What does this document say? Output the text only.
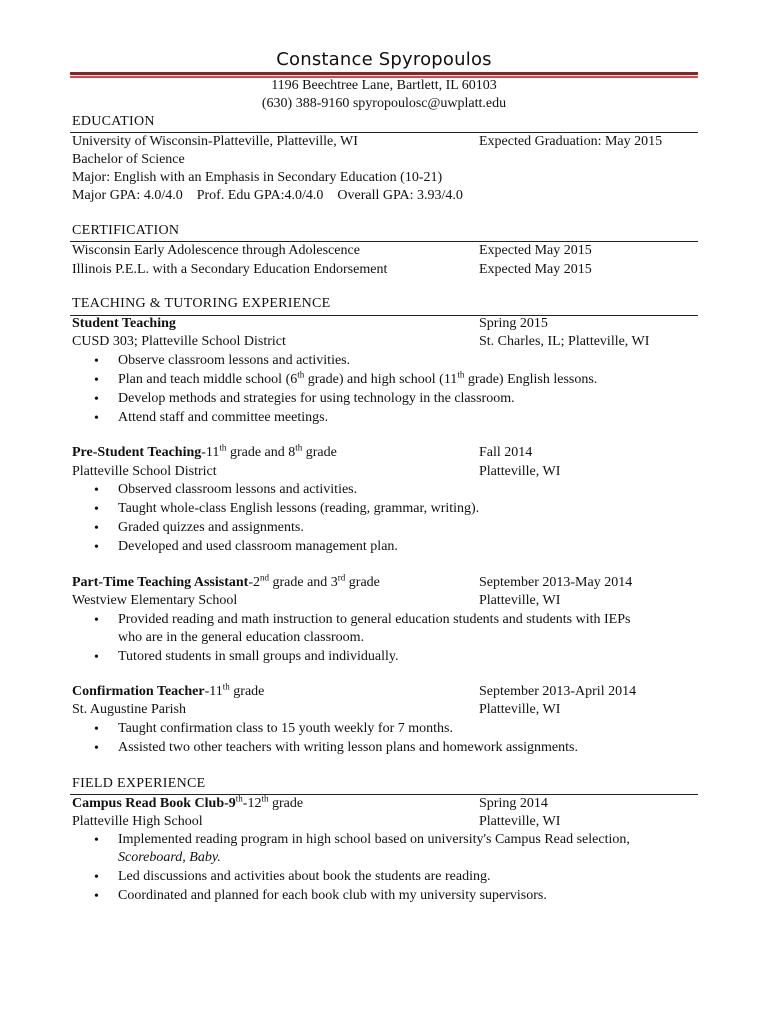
Constance Spyropoulos
1196 Beechtree Lane, Bartlett, IL 60103
(630) 388-9160 spyropoulosc@uwplatt.edu
EDUCATION
University of Wisconsin-Platteville, Platteville, WI	Expected Graduation: May 2015
Bachelor of Science
Major: English with an Emphasis in Secondary Education (10-21)
Major GPA: 4.0/4.0    Prof. Edu GPA:4.0/4.0    Overall GPA: 3.93/4.0
CERTIFICATION
Wisconsin Early Adolescence through Adolescence	Expected May 2015
Illinois P.E.L. with a Secondary Education Endorsement	Expected May 2015
TEACHING & TUTORING EXPERIENCE
Student Teaching	Spring 2015
CUSD 303; Platteville School District	St. Charles, IL; Platteville, WI
• Observe classroom lessons and activities.
• Plan and teach middle school (6th grade) and high school (11th grade) English lessons.
• Develop methods and strategies for using technology in the classroom.
• Attend staff and committee meetings.
Pre-Student Teaching-11th grade and 8th grade	Fall 2014
Platteville School District	Platteville, WI
• Observed classroom lessons and activities.
• Taught whole-class English lessons (reading, grammar, writing).
• Graded quizzes and assignments.
• Developed and used classroom management plan.
Part-Time Teaching Assistant-2nd grade and 3rd grade	September 2013-May 2014
Westview Elementary School	Platteville, WI
• Provided reading and math instruction to general education students and students with IEPs
who are in the general education classroom.
• Tutored students in small groups and individually.
Confirmation Teacher-11th grade	September 2013-April 2014
St. Augustine Parish	Platteville, WI
• Taught confirmation class to 15 youth weekly for 7 months.
• Assisted two other teachers with writing lesson plans and homework assignments.
FIELD EXPERIENCE
Campus Read Book Club-9th-12th grade	Spring 2014
Platteville High School	Platteville, WI
• Implemented reading program in high school based on university's Campus Read selection,
Scoreboard, Baby.
• Led discussions and activities about book the students are reading.
• Coordinated and planned for each book club with my university supervisors.
